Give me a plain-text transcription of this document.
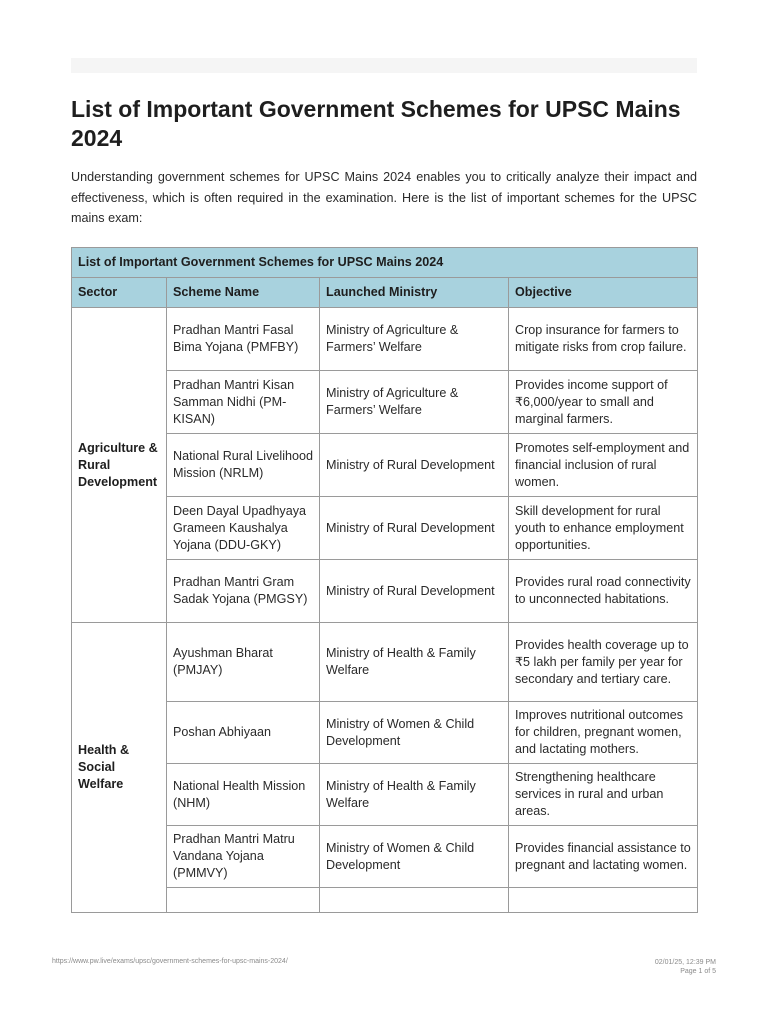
List of Important Government Schemes for UPSC Mains 2024

Understanding government schemes for UPSC Mains 2024 enables you to critically analyze their impact and effectiveness, which is often required in the examination. Here is the list of important schemes for the UPSC mains exam:

List of Important Government Schemes for UPSC Mains 2024			
Sector	Scheme Name	Launched Ministry	Objective
Agriculture & Rural Development	Pradhan Mantri Fasal Bima Yojana (PMFBY)	Ministry of Agriculture & Farmers’ Welfare	Crop insurance for farmers to mitigate risks from crop failure.
	Pradhan Mantri Kisan Samman Nidhi (PM-KISAN)	Ministry of Agriculture & Farmers’ Welfare	Provides income support of ₹6,000/year to small and marginal farmers.
	National Rural Livelihood Mission (NRLM)	Ministry of Rural Development	Promotes self-employment and financial inclusion of rural women.
	Deen Dayal Upadhyaya Grameen Kaushalya Yojana (DDU-GKY)	Ministry of Rural Development	Skill development for rural youth to enhance employment opportunities.
	Pradhan Mantri Gram Sadak Yojana (PMGSY)	Ministry of Rural Development	Provides rural road connectivity to unconnected habitations.
Health & Social Welfare	Ayushman Bharat (PMJAY)	Ministry of Health & Family Welfare	Provides health coverage up to ₹5 lakh per family per year for secondary and tertiary care.
	Poshan Abhiyaan	Ministry of Women & Child Development	Improves nutritional outcomes for children, pregnant women, and lactating mothers.
	National Health Mission (NHM)	Ministry of Health & Family Welfare	Strengthening healthcare services in rural and urban areas.
	Pradhan Mantri Matru Vandana Yojana (PMMVY)	Ministry of Women & Child Development	Provides financial assistance to pregnant and lactating women.

https://www.pw.live/exams/upsc/government-schemes-for-upsc-mains-2024/	02/01/25, 12:39 PM
Page 1 of 5
